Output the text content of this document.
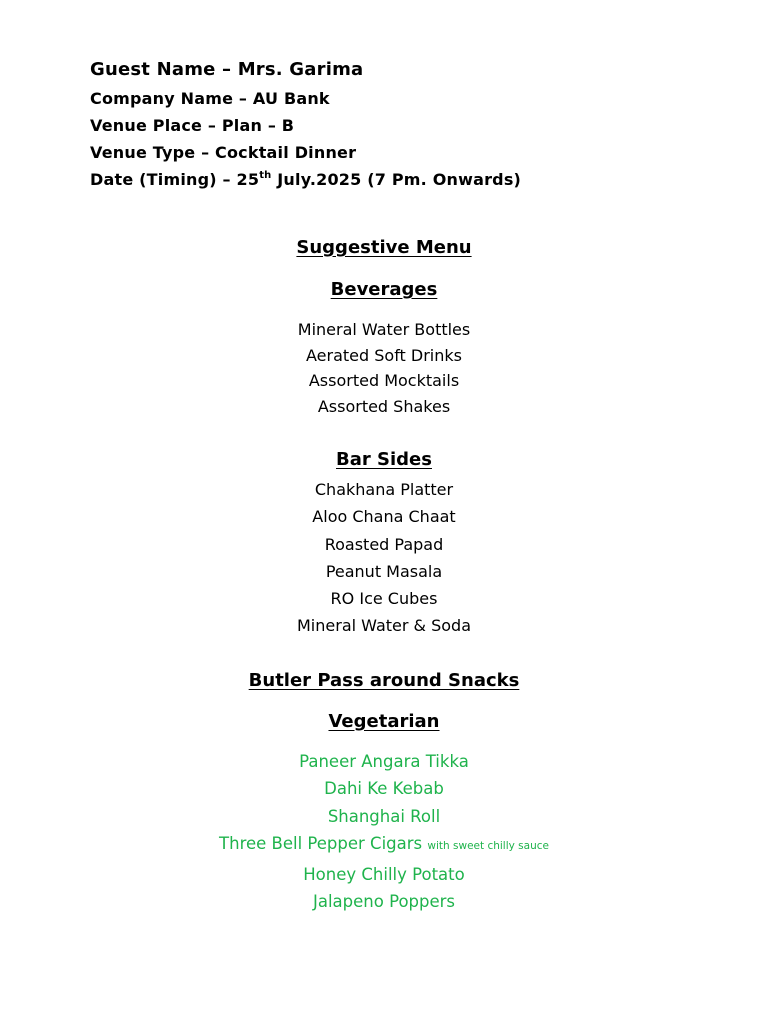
Guest Name – Mrs. Garima
Company Name – AU Bank
Venue Place – Plan – B
Venue Type – Cocktail Dinner
Date (Timing) – 25th July.2025 (7 Pm. Onwards)
Suggestive Menu
Beverages
Mineral Water Bottles
Aerated Soft Drinks
Assorted Mocktails
Assorted Shakes
Bar Sides
Chakhana Platter
Aloo Chana Chaat
Roasted Papad
Peanut Masala
RO Ice Cubes
Mineral Water & Soda
Butler Pass around Snacks
Vegetarian
Paneer Angara Tikka
Dahi Ke Kebab
Shanghai Roll
Three Bell Pepper Cigars with sweet chilly sauce
Honey Chilly Potato
Jalapeno Poppers
